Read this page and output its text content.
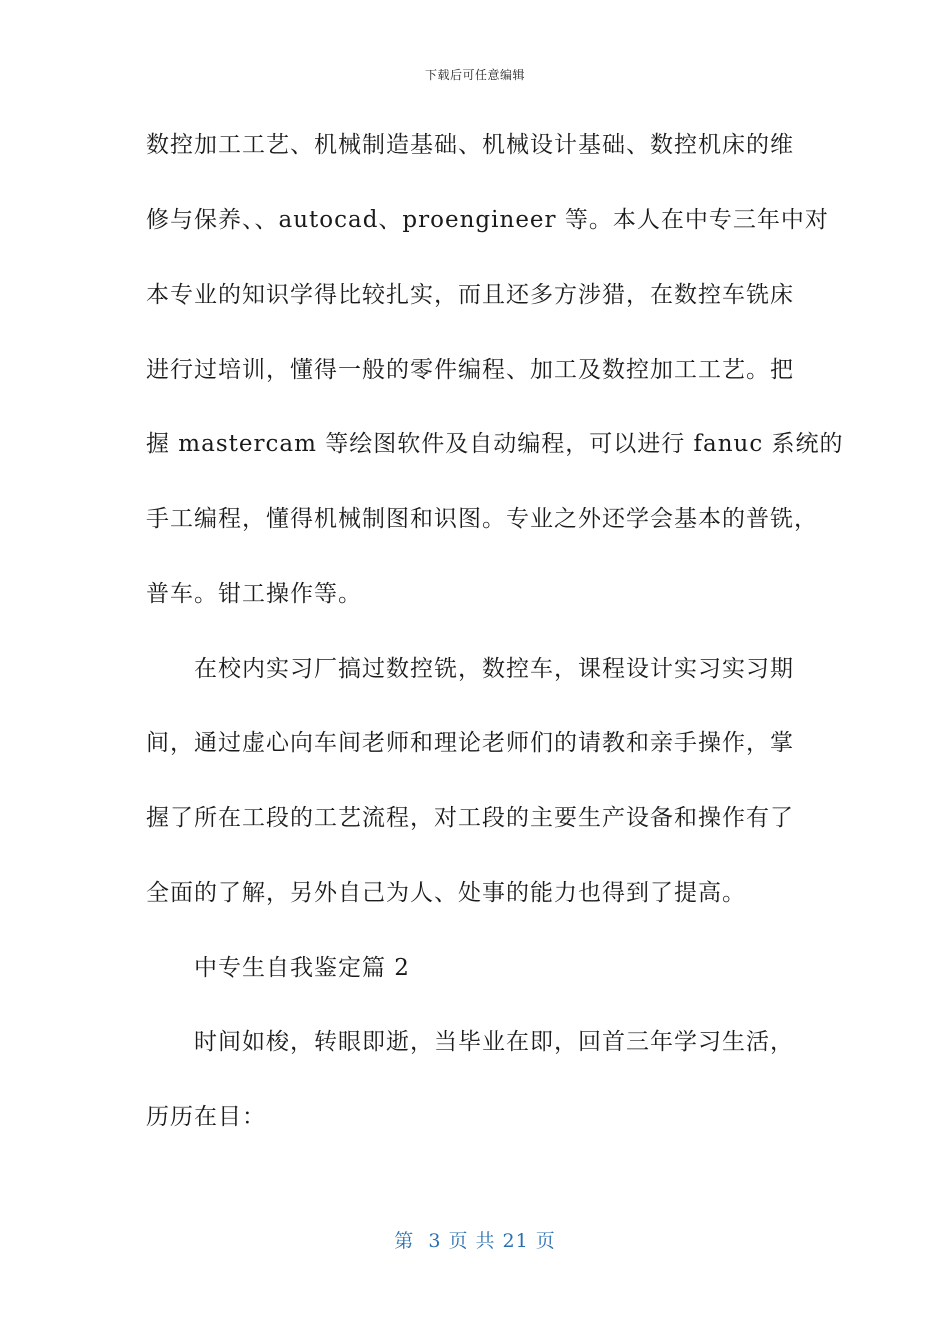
下载后可任意编辑
数控加工工艺、机械制造基础、机械设计基础、数控机床的维
修与保养、、autocad、proengineer 等。本人在中专三年中对
本专业的知识学得比较扎实，而且还多方涉猎，在数控车铣床
进行过培训，懂得一般的零件编程、加工及数控加工工艺。把
握 mastercam 等绘图软件及自动编程，可以进行 fanuc 系统的
手工编程，懂得机械制图和识图。专业之外还学会基本的普铣，
普车。钳工操作等。
在校内实习厂搞过数控铣，数控车，课程设计实习实习期
间，通过虚心向车间老师和理论老师们的请教和亲手操作，掌
握了所在工段的工艺流程，对工段的主要生产设备和操作有了
全面的了解，另外自己为人、处事的能力也得到了提高。
中专生自我鉴定篇 2
时间如梭，转眼即逝，当毕业在即，回首三年学习生活，
历历在目：
第  3 页 共 21 页
